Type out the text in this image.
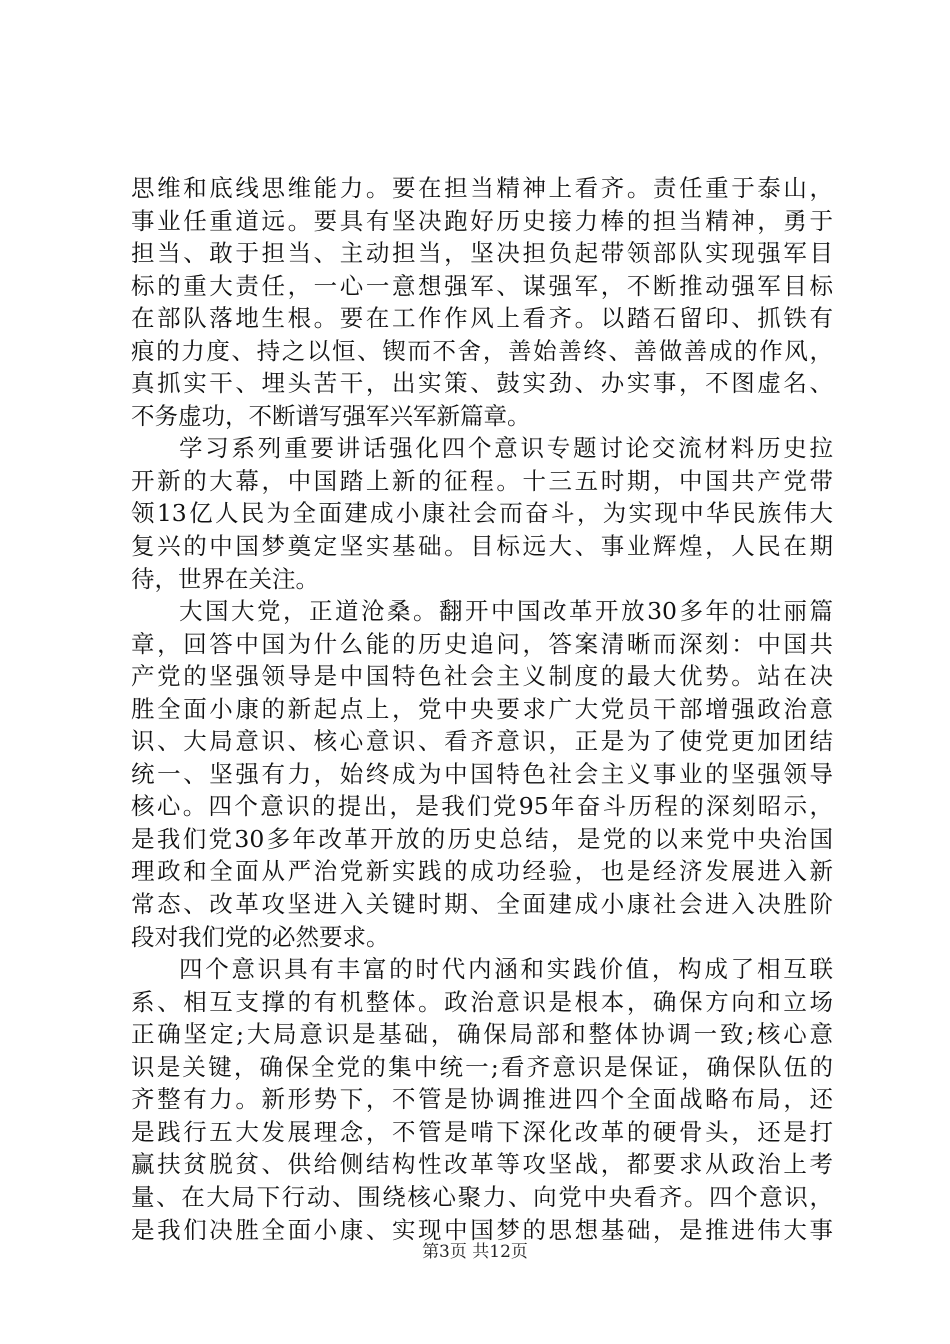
思维和底线思维能力。要在担当精神上看齐。责任重于泰山，
事业任重道远。要具有坚决跑好历史接力棒的担当精神，勇于
担当、敢于担当、主动担当，坚决担负起带领部队实现强军目
标的重大责任，一心一意想强军、谋强军，不断推动强军目标
在部队落地生根。要在工作作风上看齐。以踏石留印、抓铁有
痕的力度、持之以恒、锲而不舍，善始善终、善做善成的作风，
真抓实干、埋头苦干，出实策、鼓实劲、办实事，不图虚名、
不务虚功，不断谱写强军兴军新篇章。
学习系列重要讲话强化四个意识专题讨论交流材料历史拉
开新的大幕，中国踏上新的征程。十三五时期，中国共产党带
领13亿人民为全面建成小康社会而奋斗，为实现中华民族伟大
复兴的中国梦奠定坚实基础。目标远大、事业辉煌，人民在期
待，世界在关注。
大国大党，正道沧桑。翻开中国改革开放30多年的壮丽篇
章，回答中国为什么能的历史追问，答案清晰而深刻：中国共
产党的坚强领导是中国特色社会主义制度的最大优势。站在决
胜全面小康的新起点上，党中央要求广大党员干部增强政治意
识、大局意识、核心意识、看齐意识，正是为了使党更加团结
统一、坚强有力，始终成为中国特色社会主义事业的坚强领导
核心。四个意识的提出，是我们党95年奋斗历程的深刻昭示，
是我们党30多年改革开放的历史总结，是党的以来党中央治国
理政和全面从严治党新实践的成功经验，也是经济发展进入新
常态、改革攻坚进入关键时期、全面建成小康社会进入决胜阶
段对我们党的必然要求。
四个意识具有丰富的时代内涵和实践价值，构成了相互联
系、相互支撑的有机整体。政治意识是根本，确保方向和立场
正确坚定;大局意识是基础，确保局部和整体协调一致;核心意
识是关键，确保全党的集中统一;看齐意识是保证，确保队伍的
齐整有力。新形势下，不管是协调推进四个全面战略布局，还
是践行五大发展理念，不管是啃下深化改革的硬骨头，还是打
赢扶贫脱贫、供给侧结构性改革等攻坚战，都要求从政治上考
量、在大局下行动、围绕核心聚力、向党中央看齐。四个意识，
是我们决胜全面小康、实现中国梦的思想基础，是推进伟大事
第3页 共12页
